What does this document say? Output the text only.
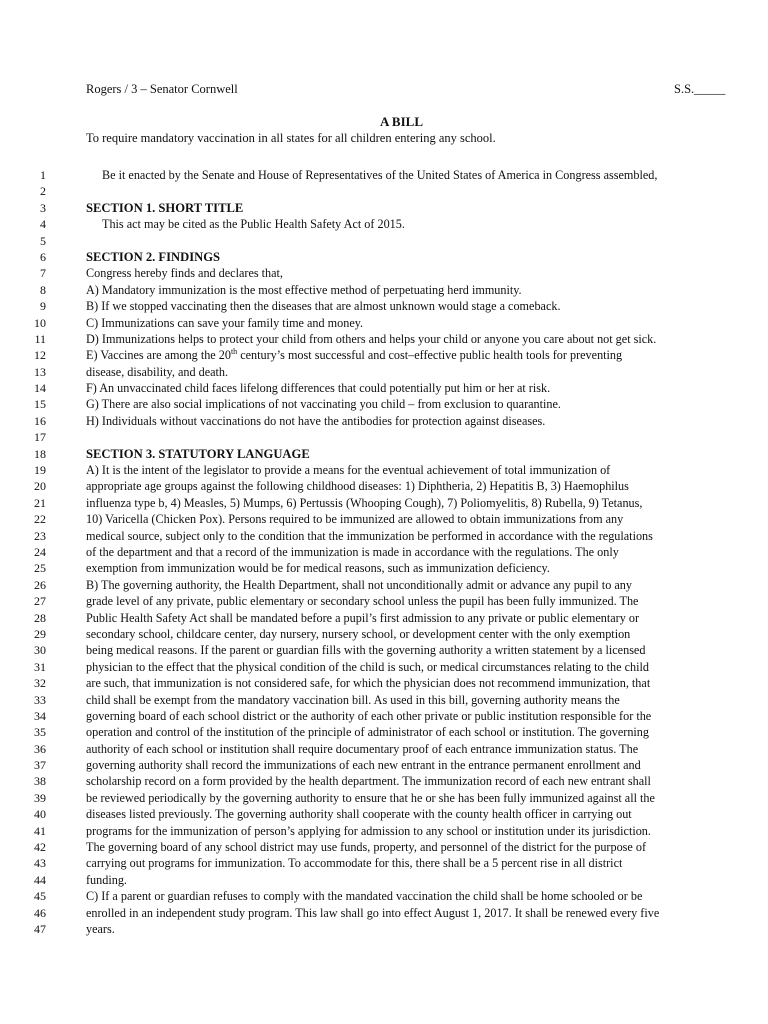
Rogers / 3 – Senator Cornwell	S.S._____
A BILL
To require mandatory vaccination in all states for all children entering any school.
1	Be it enacted by the Senate and House of Representatives of the United States of America in Congress assembled,
2
3	SECTION 1. SHORT TITLE
4	This act may be cited as the Public Health Safety Act of 2015.
5
6	SECTION 2. FINDINGS
7	Congress hereby finds and declares that,
8	A) Mandatory immunization is the most effective method of perpetuating herd immunity.
9	B) If we stopped vaccinating then the diseases that are almost unknown would stage a comeback.
10	C) Immunizations can save your family time and money.
11	D) Immunizations helps to protect your child from others and helps your child or anyone you care about not get sick.
12	E) Vaccines are among the 20th century’s most successful and cost–effective public health tools for preventing
13	disease, disability, and death.
14	F) An unvaccinated child faces lifelong differences that could potentially put him or her at risk.
15	G) There are also social implications of not vaccinating you child – from exclusion to quarantine.
16	H) Individuals without vaccinations do not have the antibodies for protection against diseases.
17
18	SECTION 3. STATUTORY LANGUAGE
19	A) It is the intent of the legislator to provide a means for the eventual achievement of total immunization of
20	appropriate age groups against the following childhood diseases: 1) Diphtheria, 2) Hepatitis B, 3) Haemophilus
21	influenza type b, 4) Measles, 5) Mumps, 6) Pertussis (Whooping Cough), 7) Poliomyelitis, 8) Rubella, 9) Tetanus,
22	10) Varicella (Chicken Pox). Persons required to be immunized are allowed to obtain immunizations from any
23	medical source, subject only to the condition that the immunization be performed in accordance with the regulations
24	of the department and that a record of the immunization is made in accordance with the regulations. The only
25	exemption from immunization would be for medical reasons, such as immunization deficiency.
26	B) The governing authority, the Health Department, shall not unconditionally admit or advance any pupil to any
27	grade level of any private, public elementary or secondary school unless the pupil has been fully immunized. The
28	Public Health Safety Act shall be mandated before a pupil’s first admission to any private or public elementary or
29	secondary school, childcare center, day nursery, nursery school, or development center with the only exemption
30	being medical reasons. If the parent or guardian fills with the governing authority a written statement by a licensed
31	physician to the effect that the physical condition of the child is such, or medical circumstances relating to the child
32	are such, that immunization is not considered safe, for which the physician does not recommend immunization, that
33	child shall be exempt from the mandatory vaccination bill. As used in this bill, governing authority means the
34	governing board of each school district or the authority of each other private or public institution responsible for the
35	operation and control of the institution of the principle of administrator of each school or institution. The governing
36	authority of each school or institution shall require documentary proof of each entrance immunization status. The
37	governing authority shall record the immunizations of each new entrant in the entrance permanent enrollment and
38	scholarship record on a form provided by the health department. The immunization record of each new entrant shall
39	be reviewed periodically by the governing authority to ensure that he or she has been fully immunized against all the
40	diseases listed previously. The governing authority shall cooperate with the county health officer in carrying out
41	programs for the immunization of person’s applying for admission to any school or institution under its jurisdiction.
42	The governing board of any school district may use funds, property, and personnel of the district for the purpose of
43	carrying out programs for immunization. To accommodate for this, there shall be a 5 percent rise in all district
44	funding.
45	C) If a parent or guardian refuses to comply with the mandated vaccination the child shall be home schooled or be
46	enrolled in an independent study program. This law shall go into effect August 1, 2017. It shall be renewed every five
47	years.
